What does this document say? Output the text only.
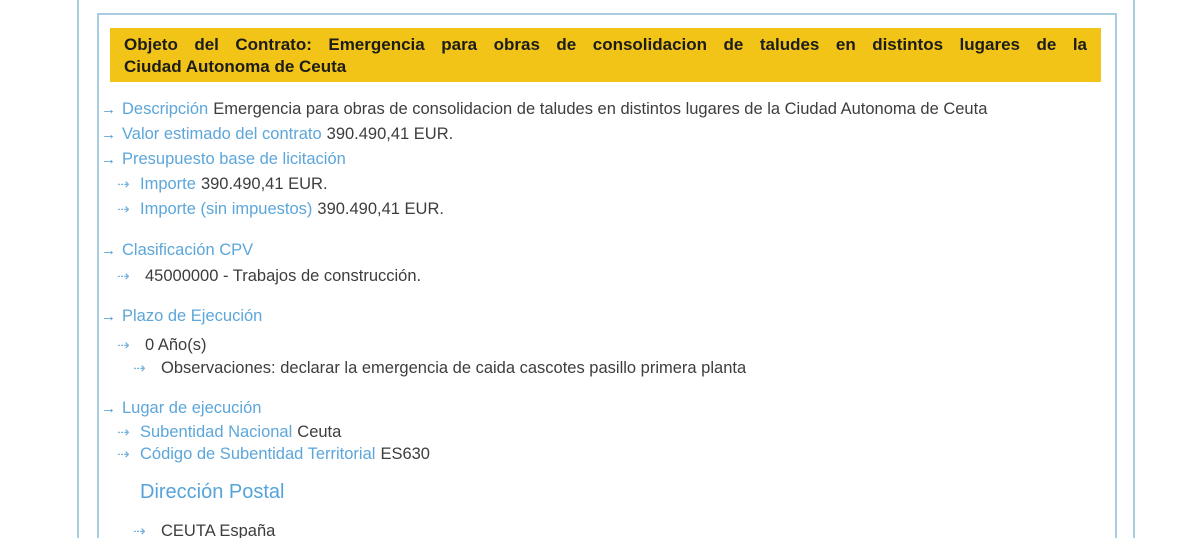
Objeto del Contrato: Emergencia para obras de consolidacion de taludes en distintos lugares de la
Ciudad Autonoma de Ceuta
→ Descripción Emergencia para obras de consolidacion de taludes en distintos lugares de la Ciudad Autonoma de Ceuta
→ Valor estimado del contrato 390.490,41 EUR.
→ Presupuesto base de licitación
⇢ Importe 390.490,41 EUR.
⇢ Importe (sin impuestos) 390.490,41 EUR.
→ Clasificación CPV
⇢ 45000000 - Trabajos de construcción.
→ Plazo de Ejecución
⇢ 0 Año(s)
⇢ Observaciones: declarar la emergencia de caida cascotes pasillo primera planta
→ Lugar de ejecución
⇢ Subentidad Nacional Ceuta
⇢ Código de Subentidad Territorial ES630
Dirección Postal
⇢ CEUTA España
